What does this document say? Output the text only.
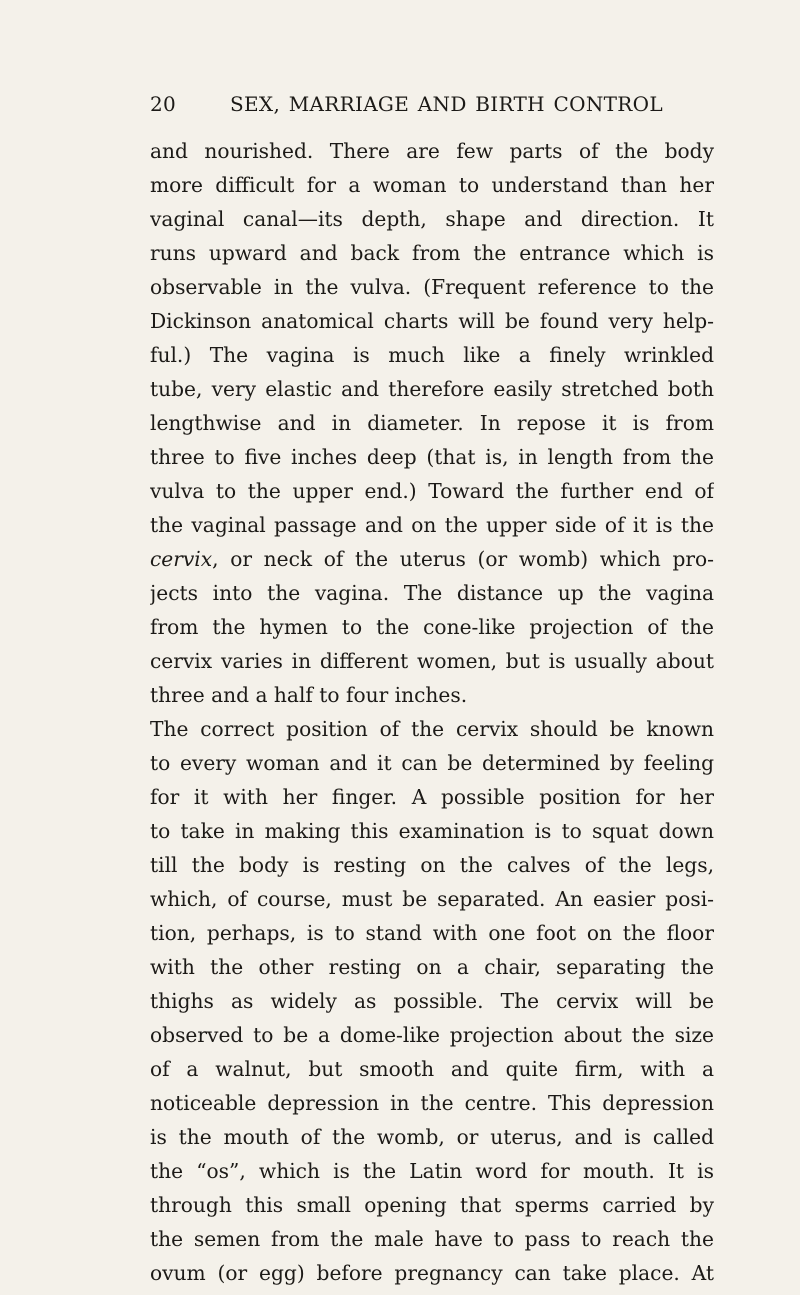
20	SEX, MARRIAGE AND BIRTH CONTROL
and nourished. There are few parts of the body
more difficult for a woman to understand than her
vaginal canal—its depth, shape and direction. It
runs upward and back from the entrance which is
observable in the vulva. (Frequent reference to the
Dickinson anatomical charts will be found very help-
ful.) The vagina is much like a finely wrinkled
tube, very elastic and therefore easily stretched both
lengthwise and in diameter. In repose it is from
three to five inches deep (that is, in length from the
vulva to the upper end.) Toward the further end of
the vaginal passage and on the upper side of it is the
cervix, or neck of the uterus (or womb) which pro-
jects into the vagina. The distance up the vagina
from the hymen to the cone-like projection of the
cervix varies in different women, but is usually about
three and a half to four inches.
The correct position of the cervix should be known
to every woman and it can be determined by feeling
for it with her finger. A possible position for her
to take in making this examination is to squat down
till the body is resting on the calves of the legs,
which, of course, must be separated. An easier posi-
tion, perhaps, is to stand with one foot on the floor
with the other resting on a chair, separating the
thighs as widely as possible. The cervix will be
observed to be a dome-like projection about the size
of a walnut, but smooth and quite firm, with a
noticeable depression in the centre. This depression
is the mouth of the womb, or uterus, and is called
the “os”, which is the Latin word for mouth. It is
through this small opening that sperms carried by
the semen from the male have to pass to reach the
ovum (or egg) before pregnancy can take place. At
